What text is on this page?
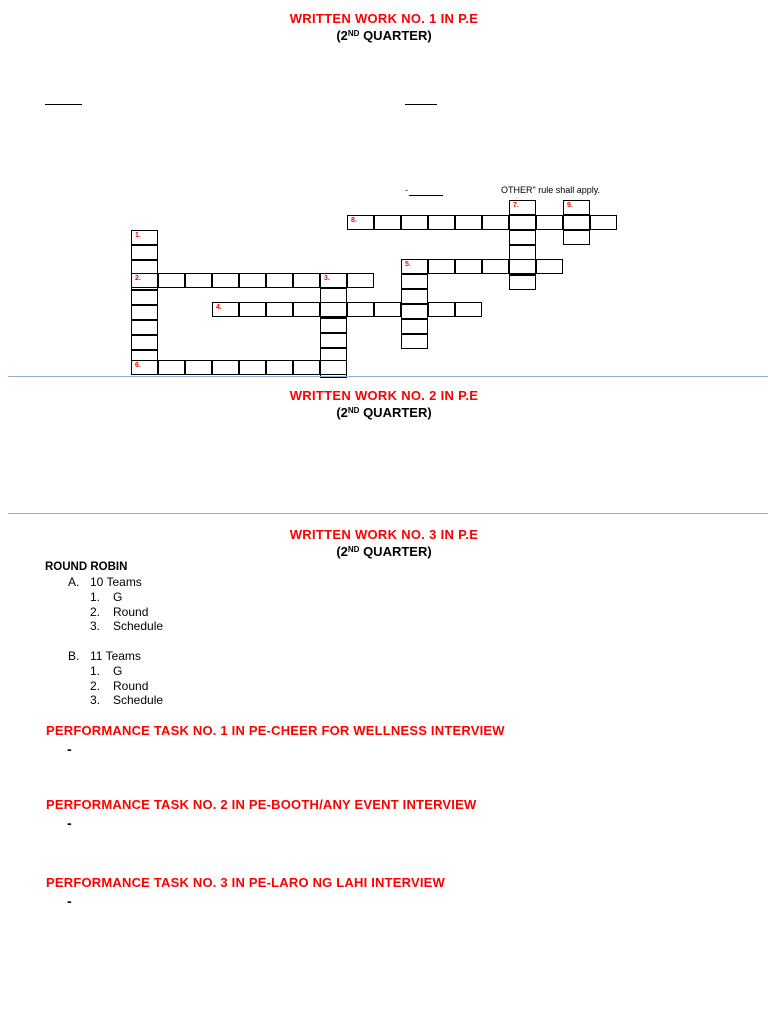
WRITTEN WORK NO. 1 IN P.E
(2ND QUARTER)
-	OTHER" rule shall apply.
8.
7.	9.
1.
2.	3.
4.
5.
6.
WRITTEN WORK NO. 2 IN P.E
(2ND QUARTER)
WRITTEN WORK NO. 3 IN P.E
(2ND QUARTER)
ROUND ROBIN
A. 10 Teams
1. G
2. Round
3. Schedule
B. 11 Teams
1. G
2. Round
3. Schedule
PERFORMANCE TASK NO. 1 IN PE-CHEER FOR WELLNESS INTERVIEW
-
PERFORMANCE TASK NO. 2 IN PE-BOOTH/ANY EVENT INTERVIEW
-
PERFORMANCE TASK NO. 3 IN PE-LARO NG LAHI INTERVIEW
-
